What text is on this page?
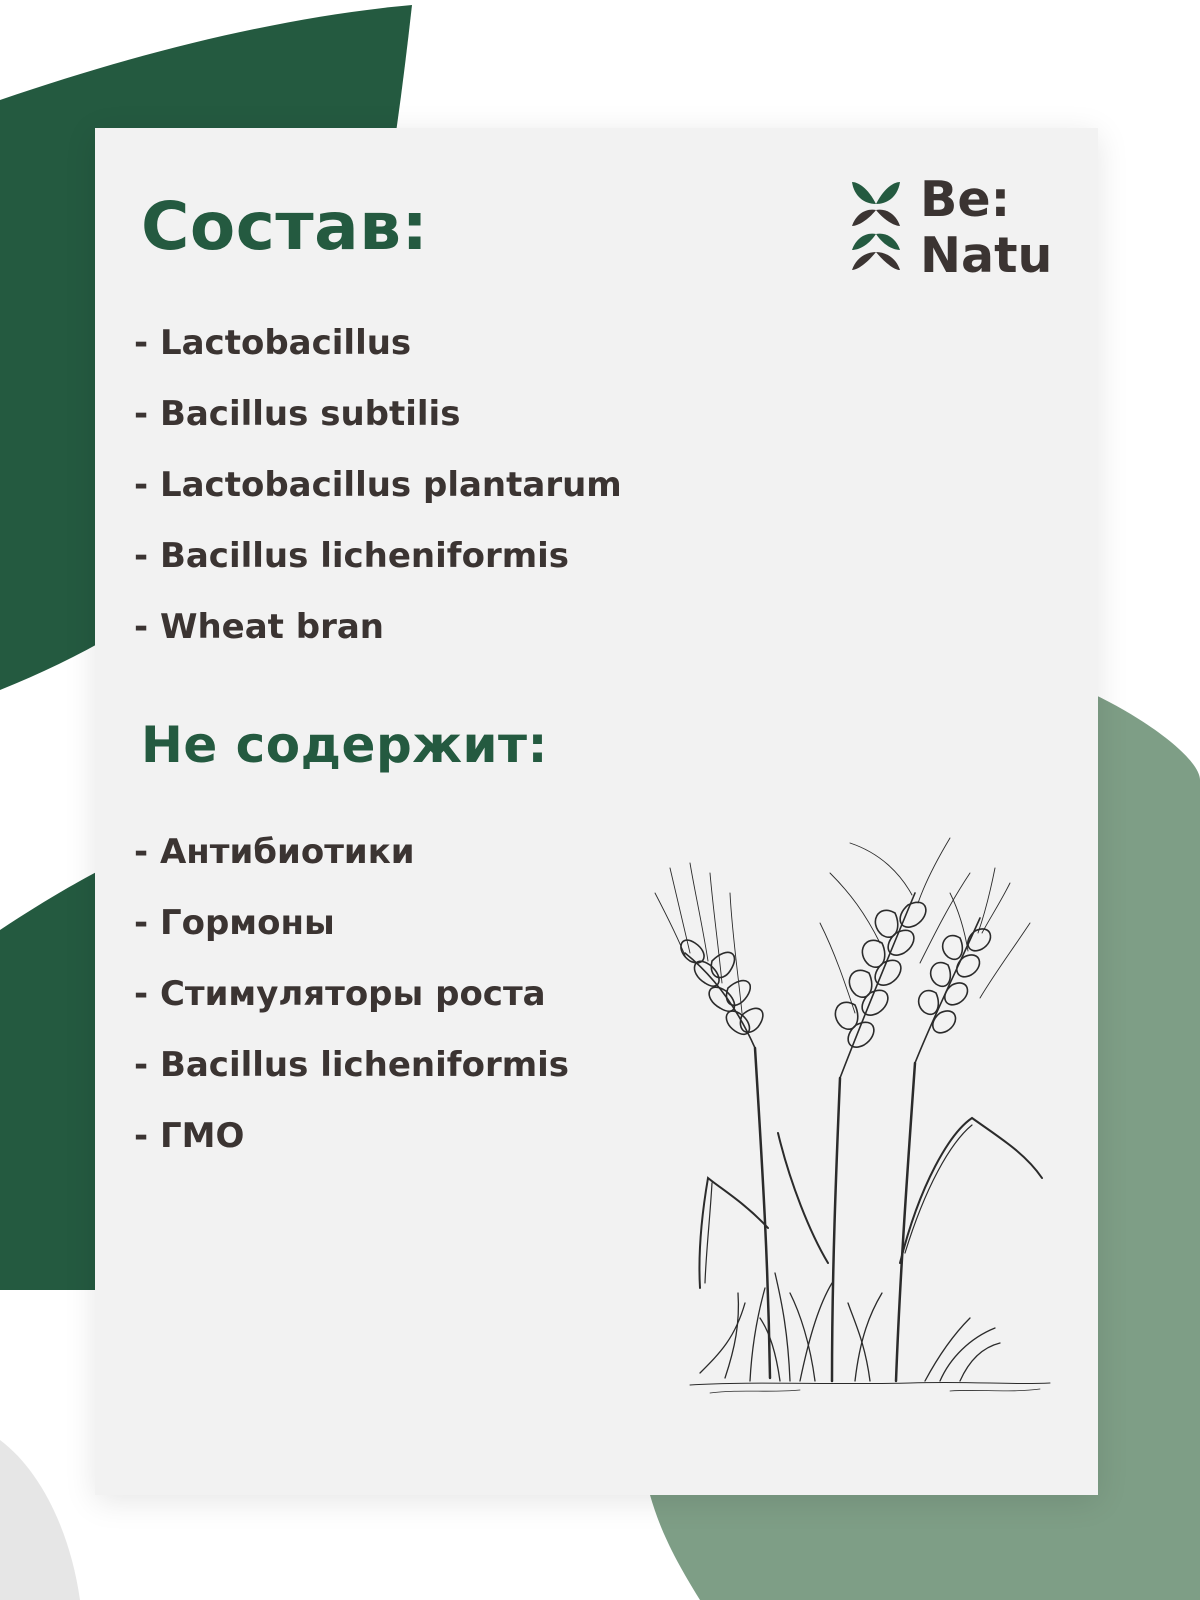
Состав:	Be:
Natu
- Lactobacillus
- Bacillus subtilis
- Lactobacillus plantarum
- Bacillus licheniformis
- Wheat bran
Не содержит:
- Антибиотики
- Гормоны
- Стимуляторы роста
- Bacillus licheniformis
- ГМО
